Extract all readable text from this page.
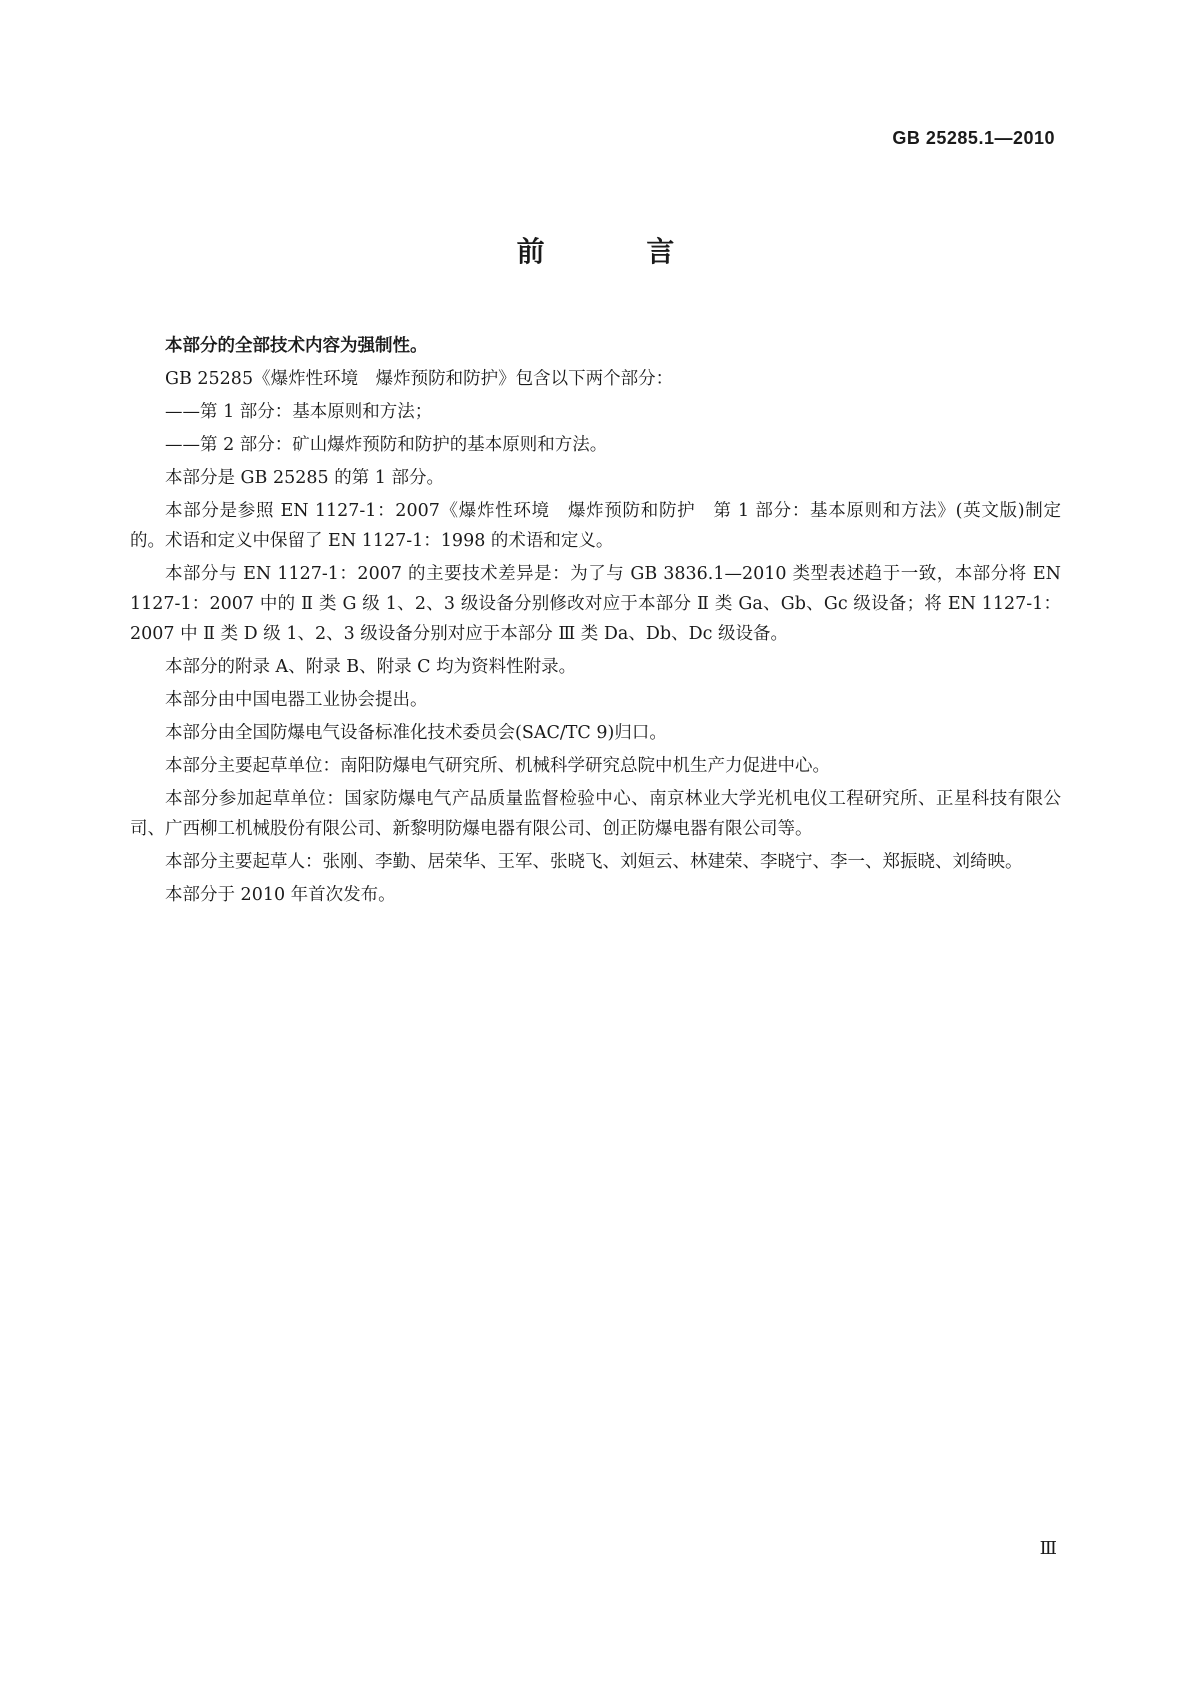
GB 25285.1—2010
前 言

本部分的全部技术内容为强制性。

GB 25285《爆炸性环境　爆炸预防和防护》包含以下两个部分：

——第 1 部分：基本原则和方法；

——第 2 部分：矿山爆炸预防和防护的基本原则和方法。

本部分是 GB 25285 的第 1 部分。

本部分是参照 EN 1127-1：2007《爆炸性环境　爆炸预防和防护　第 1 部分：基本原则和方法》(英文版)制定的。术语和定义中保留了 EN 1127-1：1998 的术语和定义。

本部分与 EN 1127-1：2007 的主要技术差异是：为了与 GB 3836.1—2010 类型表述趋于一致，本部分将 EN 1127-1：2007 中的 Ⅱ 类 G 级 1、2、3 级设备分别修改对应于本部分 Ⅱ 类 Ga、Gb、Gc 级设备；将 EN 1127-1：2007 中 Ⅱ 类 D 级 1、2、3 级设备分别对应于本部分 Ⅲ 类 Da、Db、Dc 级设备。

本部分的附录 A、附录 B、附录 C 均为资料性附录。

本部分由中国电器工业协会提出。

本部分由全国防爆电气设备标准化技术委员会(SAC/TC 9)归口。

本部分主要起草单位：南阳防爆电气研究所、机械科学研究总院中机生产力促进中心。

本部分参加起草单位：国家防爆电气产品质量监督检验中心、南京林业大学光机电仪工程研究所、正星科技有限公司、广西柳工机械股份有限公司、新黎明防爆电器有限公司、创正防爆电器有限公司等。

本部分主要起草人：张刚、李勤、居荣华、王军、张晓飞、刘姮云、林建荣、李晓宁、李一、郑振晓、刘绮映。

本部分于 2010 年首次发布。

Ⅲ
